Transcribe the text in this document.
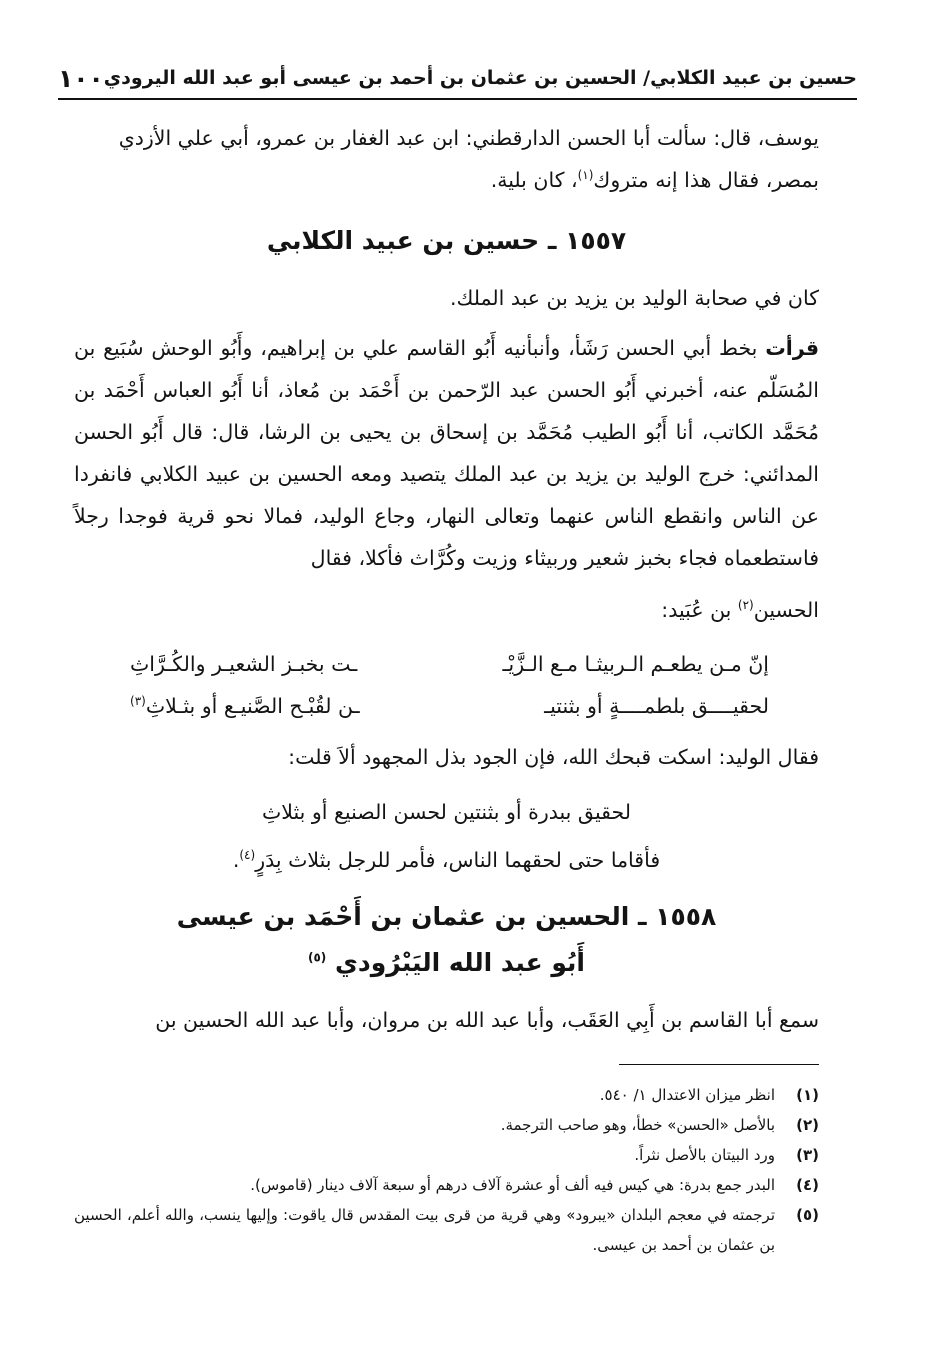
حسين بن عبيد الكلابي/ الحسين بن عثمان بن أحمد بن عيسى أبو عبد الله اليرودي
١٠٠
يوسف، قال: سألت أبا الحسن الدارقطني: ابن عبد الغفار بن عمرو، أبي علي الأزدي
بمصر، فقال هذا إنه متروك$^{(١)}$، كان بلية.
١٥٥٧ ـ حسين بن عبيد الكلابي
كان في صحابة الوليد بن يزيد بن عبد الملك.
قرأت بخط أبي الحسن رَشَأ، وأنبأنيه أَبُو القاسم علي بن إبراهيم، وأَبُو الوحش سُبَيع بن المُسَلّم عنه، أخبرني أَبُو الحسن عبد الرّحمن بن أَحْمَد بن مُعاذ، أنا أَبُو العباس أَحْمَد بن مُحَمَّد الكاتب، أنا أَبُو الطيب مُحَمَّد بن إسحاق بن يحيى بن الرشا، قال: قال أَبُو الحسن المدائني: خرج الوليد بن يزيد بن عبد الملك يتصيد ومعه الحسين بن عبيد الكلابي فانفردا عن الناس وانقطع الناس عنهما وتعالى النهار، وجاع الوليد، فمالا نحو قرية فوجدا رجلاً فاستطعماه فجاء بخبز شعير وربيثاء وزيت وكُرَّاث فأكلا، فقال
الحسين$^{(٢)}$ بن عُبَيد:
إنّ مـن يطعـم الـربيثـا مـع الـزَّيْـ
ـت بخبـز الشعيـر والكُـرَّاثِ
لحقيــــق بلطمــــةٍ أو بثنتيـ
ـن لقُبْـح الصَّنيـع أو بثـلاثِ$^{(٣)}$
فقال الوليد: اسكت قبحك الله، فإن الجود بذل المجهود ألاَ قلت:
لحقيق ببدرة أو بثنتين لحسن الصنيع أو بثلاثِ
فأقاما حتى لحقهما الناس، فأمر للرجل بثلاث بِدَرٍ$^{(٤)}$.
١٥٥٨ ـ الحسين بن عثمان بن أَحْمَد بن عيسى
أَبُو عبد الله اليَبْرُودي $^{(٥)}$
سمع أبا القاسم بن أَبِي العَقَب، وأبا عبد الله بن مروان، وأبا عبد الله الحسين بن
(١)
انظر ميزان الاعتدال ١/ ٥٤٠.
(٢)
بالأصل «الحسن» خطأ، وهو صاحب الترجمة.
(٣)
ورد البيتان بالأصل نثراً.
(٤)
البدر جمع بدرة: هي كيس فيه ألف أو عشرة آلاف درهم أو سبعة آلاف دينار (قاموس).
(٥)
ترجمته في معجم البلدان «يبرود» وهي قرية من قرى بيت المقدس قال ياقوت: وإليها ينسب، والله أعلم، الحسين بن عثمان بن أحمد بن عيسى.
